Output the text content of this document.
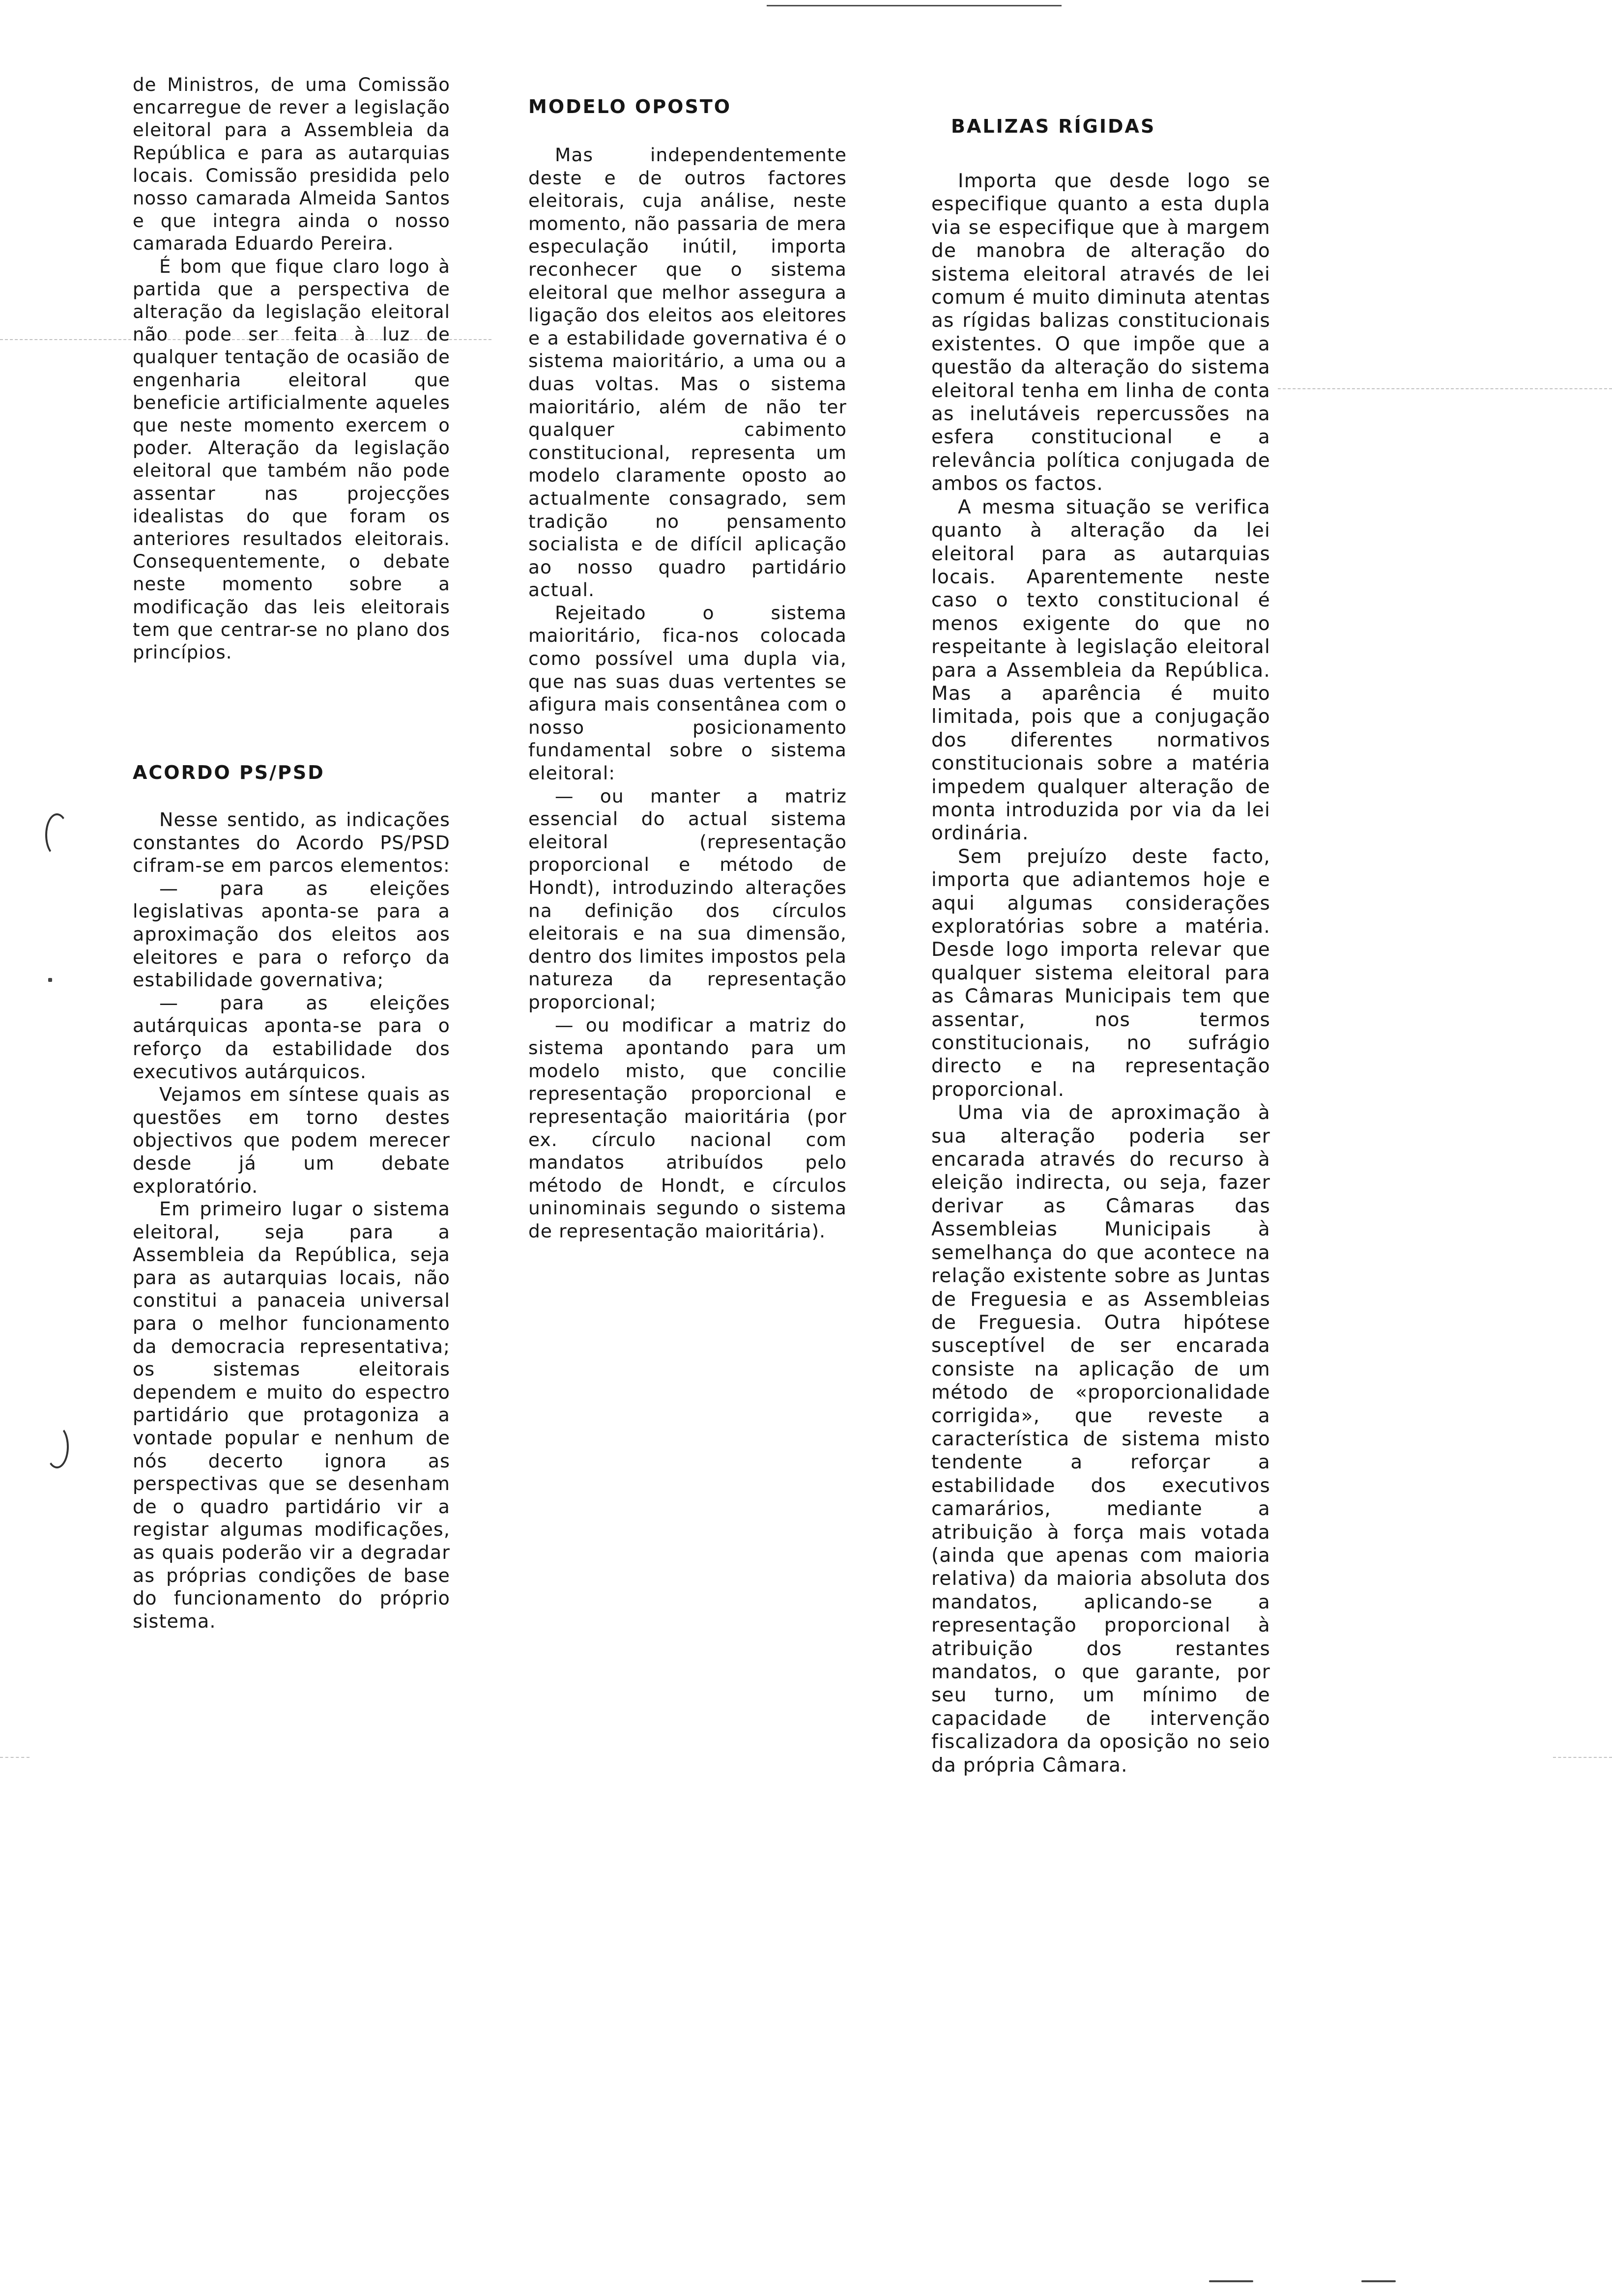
de Ministros, de uma Comissão encarregue de rever a legislação eleitoral para a Assembleia da República e para as autarquias locais. Comissão presidida pelo nosso camarada Almeida Santos e que integra ainda o nosso camarada Eduardo Pereira.

É bom que fique claro logo à partida que a perspectiva de alteração da legislação eleitoral não pode ser feita à luz de qualquer tentação de ocasião de engenharia eleitoral que beneficie artificialmente aqueles que neste momento exercem o poder. Alteração da legislação eleitoral que também não pode assentar nas projecções idealistas do que foram os anteriores resultados eleitorais. Consequentemente, o debate neste momento sobre a modificação das leis eleitorais tem que centrar-se no plano dos princípios.

ACORDO PS/PSD

Nesse sentido, as indicações constantes do Acordo PS/PSD cifram-se em parcos elementos:

— para as eleições legislativas aponta-se para a aproximação dos eleitos aos eleitores e para o reforço da estabilidade governativa;

— para as eleições autárquicas aponta-se para o reforço da estabilidade dos executivos autárquicos.

Vejamos em síntese quais as questões em torno destes objectivos que podem merecer desde já um debate exploratório.

Em primeiro lugar o sistema eleitoral, seja para a Assembleia da República, seja para as autarquias locais, não constitui a panaceia universal para o melhor funcionamento da democracia representativa; os sistemas eleitorais dependem e muito do espectro partidário que protagoniza a vontade popular e nenhum de nós decerto ignora as perspectivas que se desenham de o quadro partidário vir a registar algumas modificações, as quais poderão vir a degradar as próprias condições de base do funcionamento do próprio sistema.

MODELO OPOSTO

Mas independentemente deste e de outros factores eleitorais, cuja análise, neste momento, não passaria de mera especulação inútil, importa reconhecer que o sistema eleitoral que melhor assegura a ligação dos eleitos aos eleitores e a estabilidade governativa é o sistema maioritário, a uma ou a duas voltas. Mas o sistema maioritário, além de não ter qualquer cabimento constitucional, representa um modelo claramente oposto ao actualmente consagrado, sem tradição no pensamento socialista e de difícil aplicação ao nosso quadro partidário actual.

Rejeitado o sistema maioritário, fica-nos colocada como possível uma dupla via, que nas suas duas vertentes se afigura mais consentânea com o nosso posicionamento fundamental sobre o sistema eleitoral:

— ou manter a matriz essencial do actual sistema eleitoral (representação proporcional e método de Hondt), introduzindo alterações na definição dos círculos eleitorais e na sua dimensão, dentro dos limites impostos pela natureza da representação proporcional;

— ou modificar a matriz do sistema apontando para um modelo misto, que concilie representação proporcional e representação maioritária (por ex. círculo nacional com mandatos atribuídos pelo método de Hondt, e círculos uninominais segundo o sistema de representação maioritária).

BALIZAS RÍGIDAS

Importa que desde logo se especifique quanto a esta dupla via se especifique que à margem de manobra de alteração do sistema eleitoral através de lei comum é muito diminuta atentas as rígidas balizas constitucionais existentes. O que impõe que a questão da alteração do sistema eleitoral tenha em linha de conta as inelutáveis repercussões na esfera constitucional e a relevância política conjugada de ambos os factos.

A mesma situação se verifica quanto à alteração da lei eleitoral para as autarquias locais. Aparentemente neste caso o texto constitucional é menos exigente do que no respeitante à legislação eleitoral para a Assembleia da República. Mas a aparência é muito limitada, pois que a conjugação dos diferentes normativos constitucionais sobre a matéria impedem qualquer alteração de monta introduzida por via da lei ordinária.

Sem prejuízo deste facto, importa que adiantemos hoje e aqui algumas considerações exploratórias sobre a matéria. Desde logo importa relevar que qualquer sistema eleitoral para as Câmaras Municipais tem que assentar, nos termos constitucionais, no sufrágio directo e na representação proporcional.

Uma via de aproximação à sua alteração poderia ser encarada através do recurso à eleição indirecta, ou seja, fazer derivar as Câmaras das Assembleias Municipais à semelhança do que acontece na relação existente sobre as Juntas de Freguesia e as Assembleias de Freguesia. Outra hipótese susceptível de ser encarada consiste na aplicação de um método de «proporcionalidade corrigida», que reveste a característica de sistema misto tendente a reforçar a estabilidade dos executivos camarários, mediante a atribuição à força mais votada (ainda que apenas com maioria relativa) da maioria absoluta dos mandatos, aplicando-se a representação proporcional à atribuição dos restantes mandatos, o que garante, por seu turno, um mínimo de capacidade de intervenção fiscalizadora da oposição no seio da própria Câmara.
